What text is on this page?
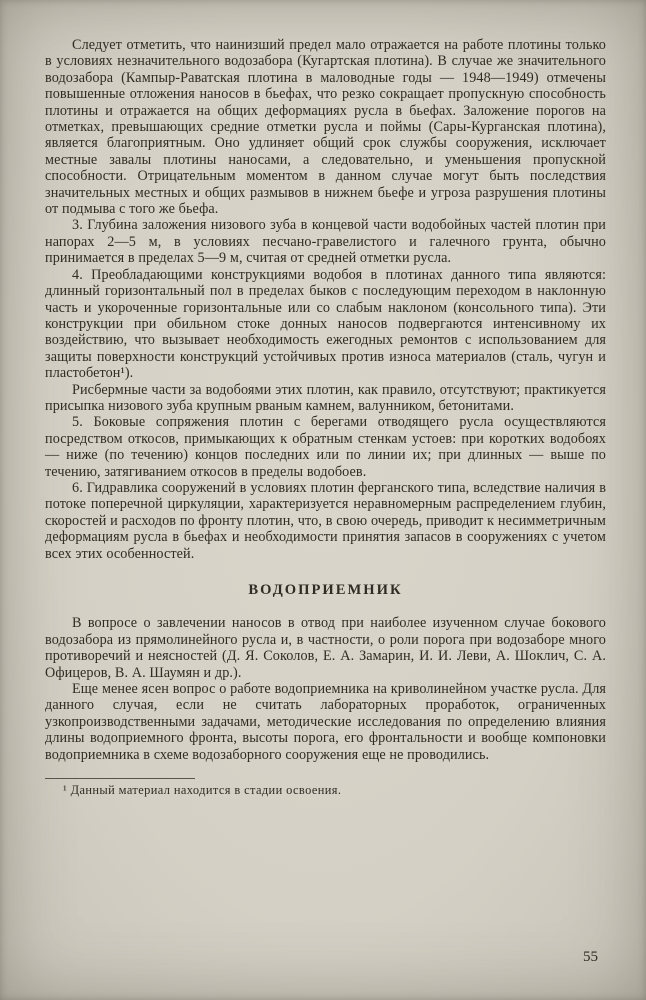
Следует отметить, что наинизший предел мало отражается на работе плотины только в условиях незначительного водозабора (Кугартская плотина). В случае же значительного водозабора (Кампыр-Раватская плотина в маловодные годы — 1948—1949) отмечены повышенные отложения наносов в бьефах, что резко сокращает пропускную способность плотины и отражается на общих деформациях русла в бьефах. Заложение порогов на отметках, превышающих средние отметки русла и поймы (Сары-Курганская плотина), является благоприятным. Оно удлиняет общий срок службы сооружения, исключает местные завалы плотины наносами, а следовательно, и уменьшения пропускной способности. Отрицательным моментом в данном случае могут быть последствия значительных местных и общих размывов в нижнем бьефе и угроза разрушения плотины от подмыва с того же бьефа.

3. Глубина заложения низового зуба в концевой части водобойных частей плотин при напорах 2—5 м, в условиях песчано-гравелистого и галечного грунта, обычно принимается в пределах 5—9 м, считая от средней отметки русла.

4. Преобладающими конструкциями водобоя в плотинах данного типа являются: длинный горизонтальный пол в пределах быков с последующим переходом в наклонную часть и укороченные горизонтальные или со слабым наклоном (консольного типа). Эти конструкции при обильном стоке донных наносов подвергаются интенсивному их воздействию, что вызывает необходимость ежегодных ремонтов с использованием для защиты поверхности конструкций устойчивых против износа материалов (сталь, чугун и пластобетон¹).

Рисбермные части за водобоями этих плотин, как правило, отсутствуют; практикуется присыпка низового зуба крупным рваным камнем, валунником, бетонитами.

5. Боковые сопряжения плотин с берегами отводящего русла осуществляются посредством откосов, примыкающих к обратным стенкам устоев: при коротких водобоях — ниже (по течению) концов последних или по линии их; при длинных — выше по течению, затягиванием откосов в пределы водобоев.

6. Гидравлика сооружений в условиях плотин ферганского типа, вследствие наличия в потоке поперечной циркуляции, характеризуется неравномерным распределением глубин, скоростей и расходов по фронту плотин, что, в свою очередь, приводит к несимметричным деформациям русла в бьефах и необходимости принятия запасов в сооружениях с учетом всех этих особенностей.

ВОДОПРИЕМНИК

В вопросе о завлечении наносов в отвод при наиболее изученном случае бокового водозабора из прямолинейного русла и, в частности, о роли порога при водозаборе много противоречий и неясностей (Д. Я. Соколов, Е. А. Замарин, И. И. Леви, А. Шоклич, С. А. Офицеров, В. А. Шаумян и др.).

Еще менее ясен вопрос о работе водоприемника на криволинейном участке русла. Для данного случая, если не считать лабораторных проработок, ограниченных узкопроизводственными задачами, методические исследования по определению влияния длины водоприемного фронта, высоты порога, его фронтальности и вообще компоновки водоприемника в схеме водозаборного сооружения еще не проводились.

¹ Данный материал находится в стадии освоения.

55
